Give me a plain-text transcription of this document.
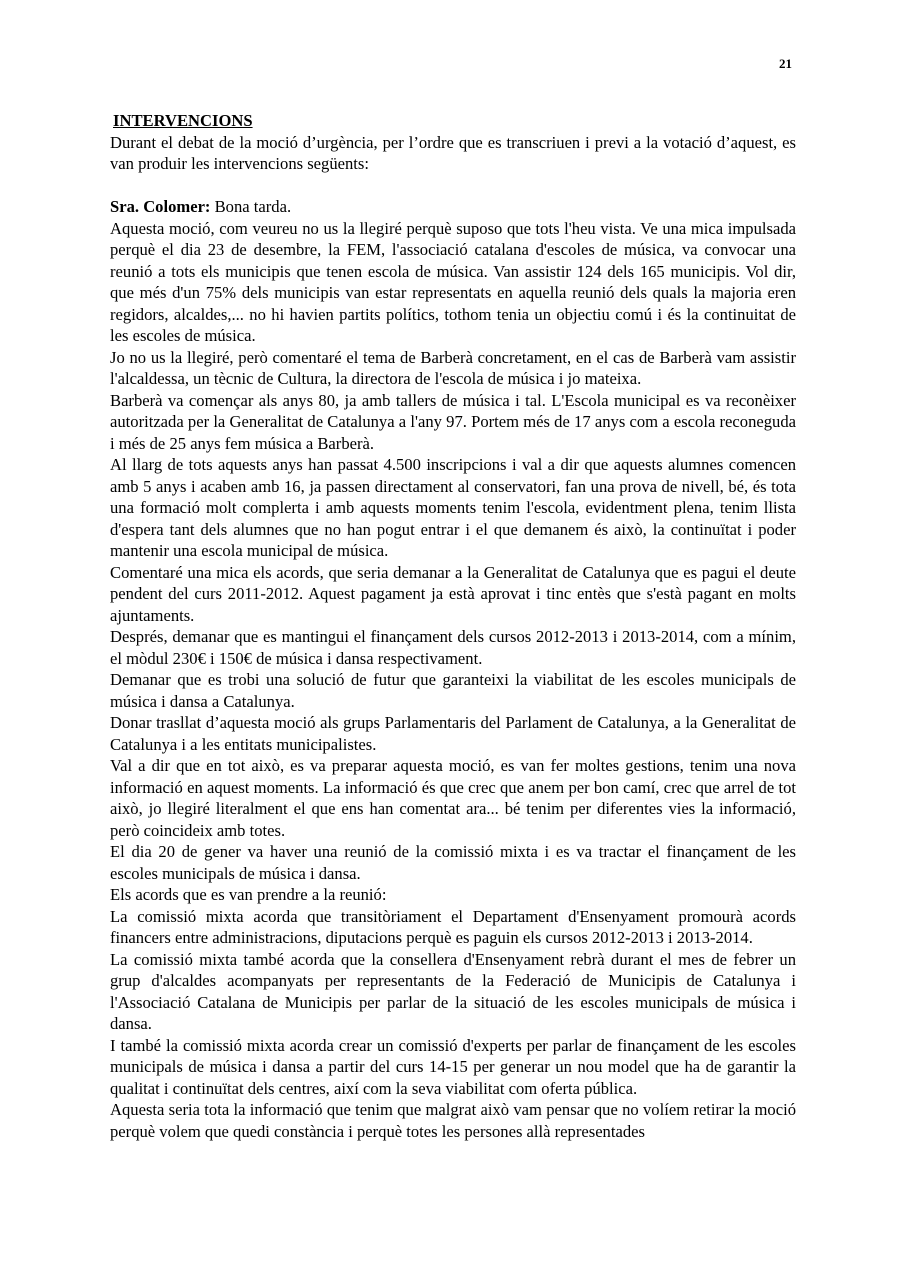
21
INTERVENCIONS

Durant el debat de la moció d’urgència, per l’ordre que es transcriuen i previ a la votació d’aquest, es van produir les intervencions següents:

Sra. Colomer: Bona tarda.

Aquesta moció, com veureu no us la llegiré perquè suposo que tots l'heu vista. Ve una mica impulsada perquè el dia 23 de desembre, la FEM, l'associació catalana d'escoles de música, va convocar una reunió a tots els municipis que tenen escola de música. Van assistir 124 dels 165 municipis. Vol dir, que més d'un 75% dels municipis van estar representats en aquella reunió dels quals la majoria eren regidors, alcaldes,... no hi havien partits polítics, tothom tenia un objectiu comú i és la continuitat de les escoles de música.

Jo no us la llegiré, però comentaré el tema de Barberà concretament, en el cas de Barberà vam assistir l'alcaldessa, un tècnic de Cultura, la directora de l'escola de música i jo mateixa.

Barberà va començar als anys 80, ja amb tallers de música i tal. L'Escola municipal es va reconèixer autoritzada per la Generalitat de Catalunya a l'any 97. Portem més de 17 anys com a escola reconeguda i més de 25 anys fem música a Barberà.

Al llarg de tots aquests anys han passat 4.500 inscripcions i val a dir que aquests alumnes comencen amb 5 anys i acaben amb 16, ja passen directament al conservatori, fan una prova de nivell, bé, és tota una formació molt complerta i amb aquests moments tenim l'escola, evidentment plena, tenim llista d'espera tant dels alumnes que no han pogut entrar i el que demanem és això, la continuïtat i poder mantenir una escola municipal de música.

Comentaré una mica els acords, que seria demanar a la Generalitat de Catalunya que es pagui el deute pendent del curs 2011-2012. Aquest pagament ja està aprovat i tinc entès que s'està pagant en molts ajuntaments.

Després, demanar que es mantingui el finançament dels cursos 2012-2013 i 2013-2014, com a mínim, el mòdul 230€ i 150€ de música i dansa respectivament.

Demanar que es trobi una solució de futur que garanteixi la viabilitat de les escoles municipals de música i dansa a Catalunya.

Donar trasllat d’aquesta moció als grups Parlamentaris del Parlament de Catalunya, a la Generalitat de Catalunya i a les entitats municipalistes.

Val a dir que en tot això, es va preparar aquesta moció, es van fer moltes gestions, tenim una nova informació en aquest moments. La informació és que crec que anem per bon camí, crec que arrel de tot això, jo llegiré literalment el que ens han comentat ara... bé tenim per diferentes vies la informació, però coincideix amb totes.

El dia 20 de gener va haver una reunió de la comissió mixta i es va tractar el finançament de les escoles municipals de música i dansa.

Els acords que es van prendre a la reunió:

La comissió mixta acorda que transitòriament el Departament d'Ensenyament promourà acords financers entre administracions, diputacions perquè es paguin els cursos 2012-2013 i 2013-2014.

La comissió mixta també acorda que la consellera d'Ensenyament rebrà durant el mes de febrer un grup d'alcaldes acompanyats per representants de la Federació de Municipis de Catalunya i l'Associació Catalana de Municipis per parlar de la situació de les escoles municipals de música i dansa.

I també la comissió mixta acorda crear un comissió d'experts per parlar de finançament de les escoles municipals de música i dansa a partir del curs 14-15 per generar un nou model que ha de garantir la qualitat i continuïtat dels centres, així com la seva viabilitat com oferta pública.

Aquesta seria tota la informació que tenim que malgrat això vam pensar que no volíem retirar la moció perquè volem que quedi constància i perquè totes les persones allà representades
